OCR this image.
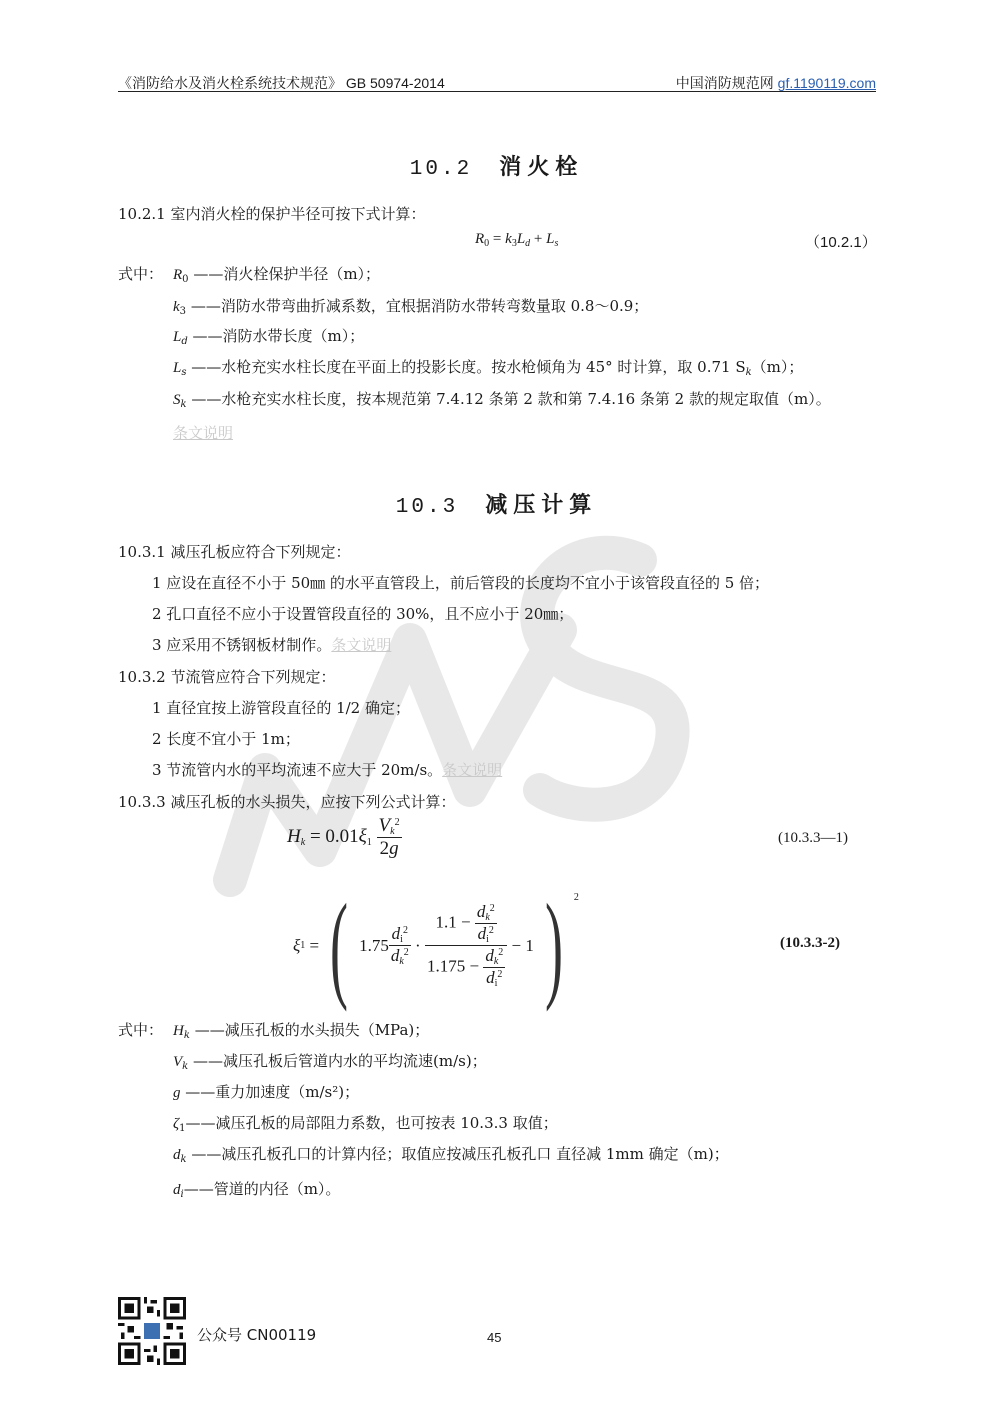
《消防给水及消火栓系统技术规范》 GB 50974-2014	中国消防规范网 gf.1190119.com
10.2 消火栓
10.2.1 室内消火栓的保护半径可按下式计算：
$R_0 = k_3L_d + L_s$	（10.2.1）
式中： $R_0$ ——消火栓保护半径（m）；
$k_3$ ——消防水带弯曲折减系数，宜根据消防水带转弯数量取 0.8～0.9；
$L_d$ ——消防水带长度（m）；
$L_s$ ——水枪充实水柱长度在平面上的投影长度。按水枪倾角为 45° 时计算，取 0.71 $S_k(m)$；
$S_k$ ——水枪充实水柱长度，按本规范第 7.4.12 条第 2 款和第 7.4.16 条第 2 款的规定取值（m）。
条文说明
10.3 减压计算
10.3.1 减压孔板应符合下列规定：
1 应设在直径不小于 50㎜ 的水平直管段上，前后管段的长度均不宜小于该管段直径的 5 倍；
2 孔口直径不应小于设置管段直径的 30%，且不应小于 20㎜；
3 应采用不锈钢板材制作。条文说明
10.3.2 节流管应符合下列规定：
1 直径宜按上游管段直径的 1/2 确定；
2 长度不宜小于 1m；
3 节流管内水的平均流速不应大于 20m/s。条文说明
10.3.3 减压孔板的水头损失，应按下列公式计算：
$H_k = 0.01\xi_1 \frac{V_k^2}{2g}$	(10.3.3—1)
ξ 1 = ( $1.75 \frac{d_i^2}{d_k^2} \cdot \frac{1.1 - \frac{d_k^2}{d_i^2}}{1.175 - \frac{d_k^2}{d_i^2}} - 1$ ) $^2$
(10.3.3-2)
式中： $H_k$ ——减压孔板的水头损失（MPa)；
$V_k$ ——减压孔板后管道内水的平均流速(m/s)；
g ——重力加速度（m/s²)；
$\zeta_1——$减压孔板的局部阻力系数，也可按表 10.3.3 取值；
$d_k$ ——减压孔板孔口的计算内径；取值应按减压孔板孔口 直径减 1mm 确定（m)；
$d_i——$管道的内径（m）。
公众号 CN00119	45
